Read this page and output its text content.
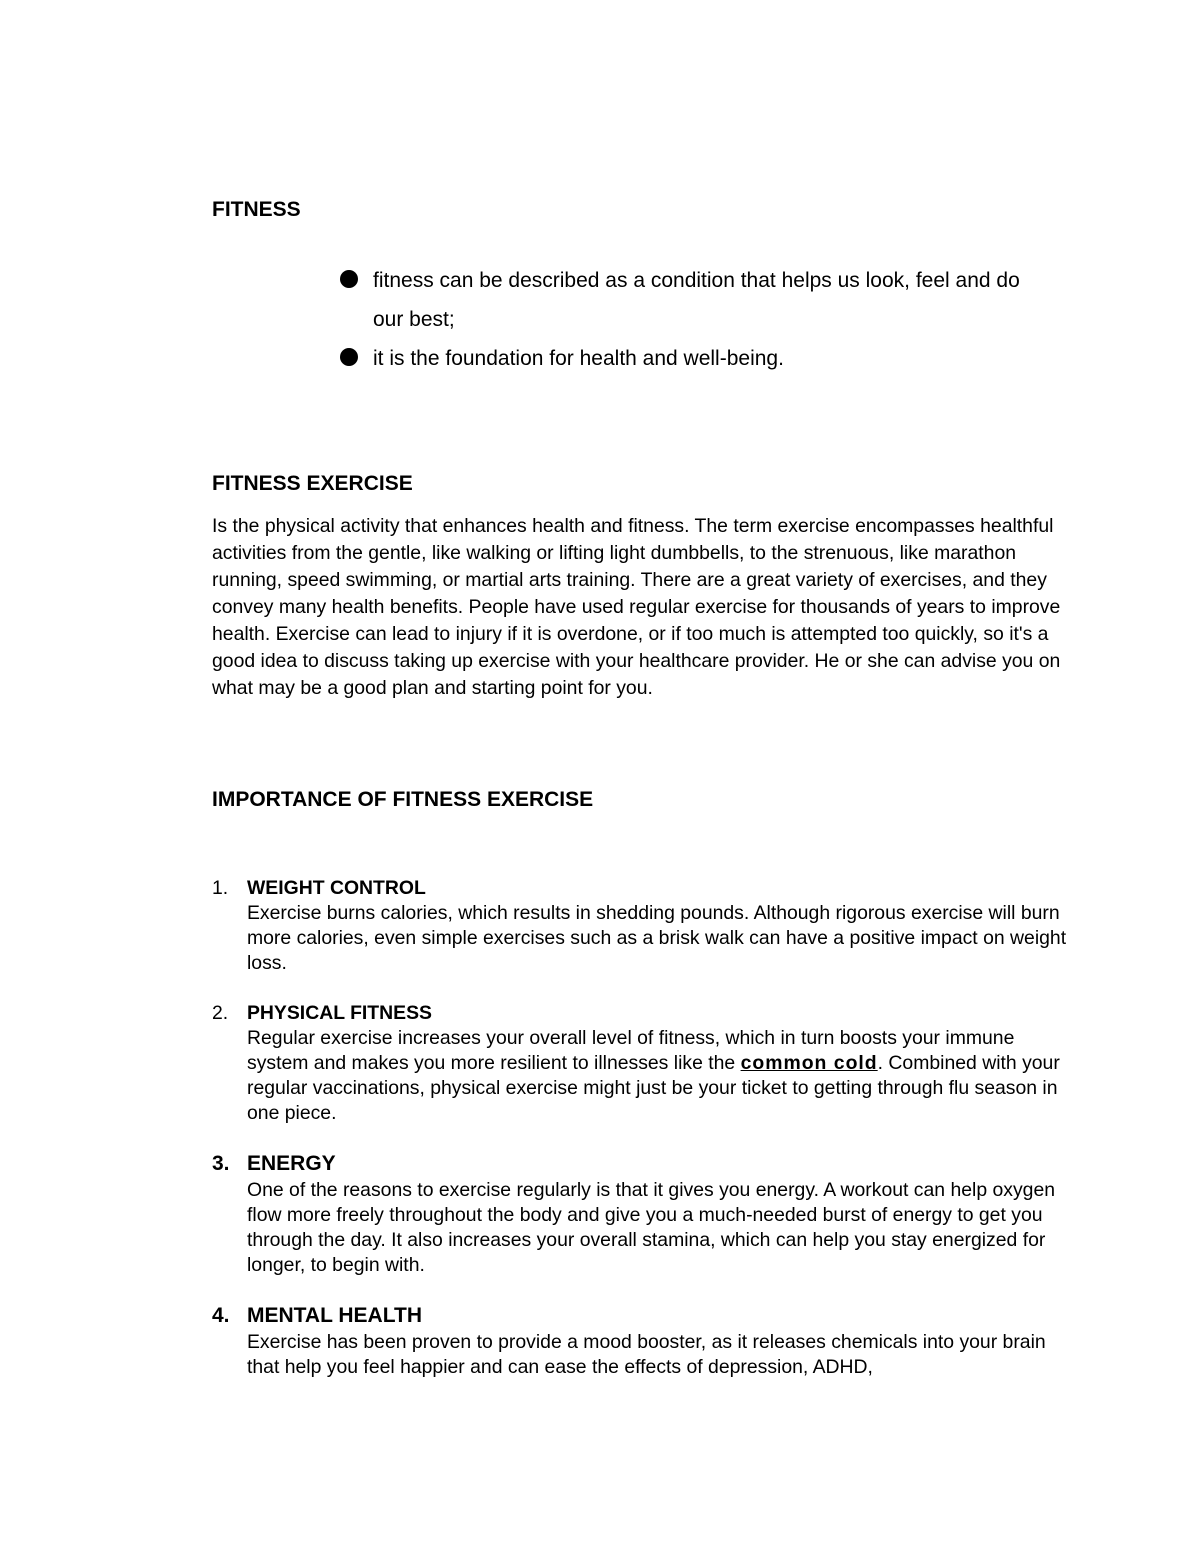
FITNESS
fitness can be described as a condition that helps us look, feel and do our best;
it is the foundation for health and well-being.
FITNESS EXERCISE
Is the physical activity that enhances health and fitness. The term exercise encompasses healthful activities from the gentle, like walking or lifting light dumbbells, to the strenuous, like marathon running, speed swimming, or martial arts training. There are a great variety of exercises, and they convey many health benefits. People have used regular exercise for thousands of years to improve health. Exercise can lead to injury if it is overdone, or if too much is attempted too quickly, so it's a good idea to discuss taking up exercise with your healthcare provider. He or she can advise you on what may be a good plan and starting point for you.
IMPORTANCE OF FITNESS EXERCISE
1. WEIGHT CONTROL
Exercise burns calories, which results in shedding pounds. Although rigorous exercise will burn more calories, even simple exercises such as a brisk walk can have a positive impact on weight loss.
2. PHYSICAL FITNESS
Regular exercise increases your overall level of fitness, which in turn boosts your immune system and makes you more resilient to illnesses like the common cold. Combined with your regular vaccinations, physical exercise might just be your ticket to getting through flu season in one piece.
3. ENERGY
One of the reasons to exercise regularly is that it gives you energy. A workout can help oxygen flow more freely throughout the body and give you a much-needed burst of energy to get you through the day. It also increases your overall stamina, which can help you stay energized for longer, to begin with.
4. MENTAL HEALTH
Exercise has been proven to provide a mood booster, as it releases chemicals into your brain that help you feel happier and can ease the effects of depression, ADHD,
